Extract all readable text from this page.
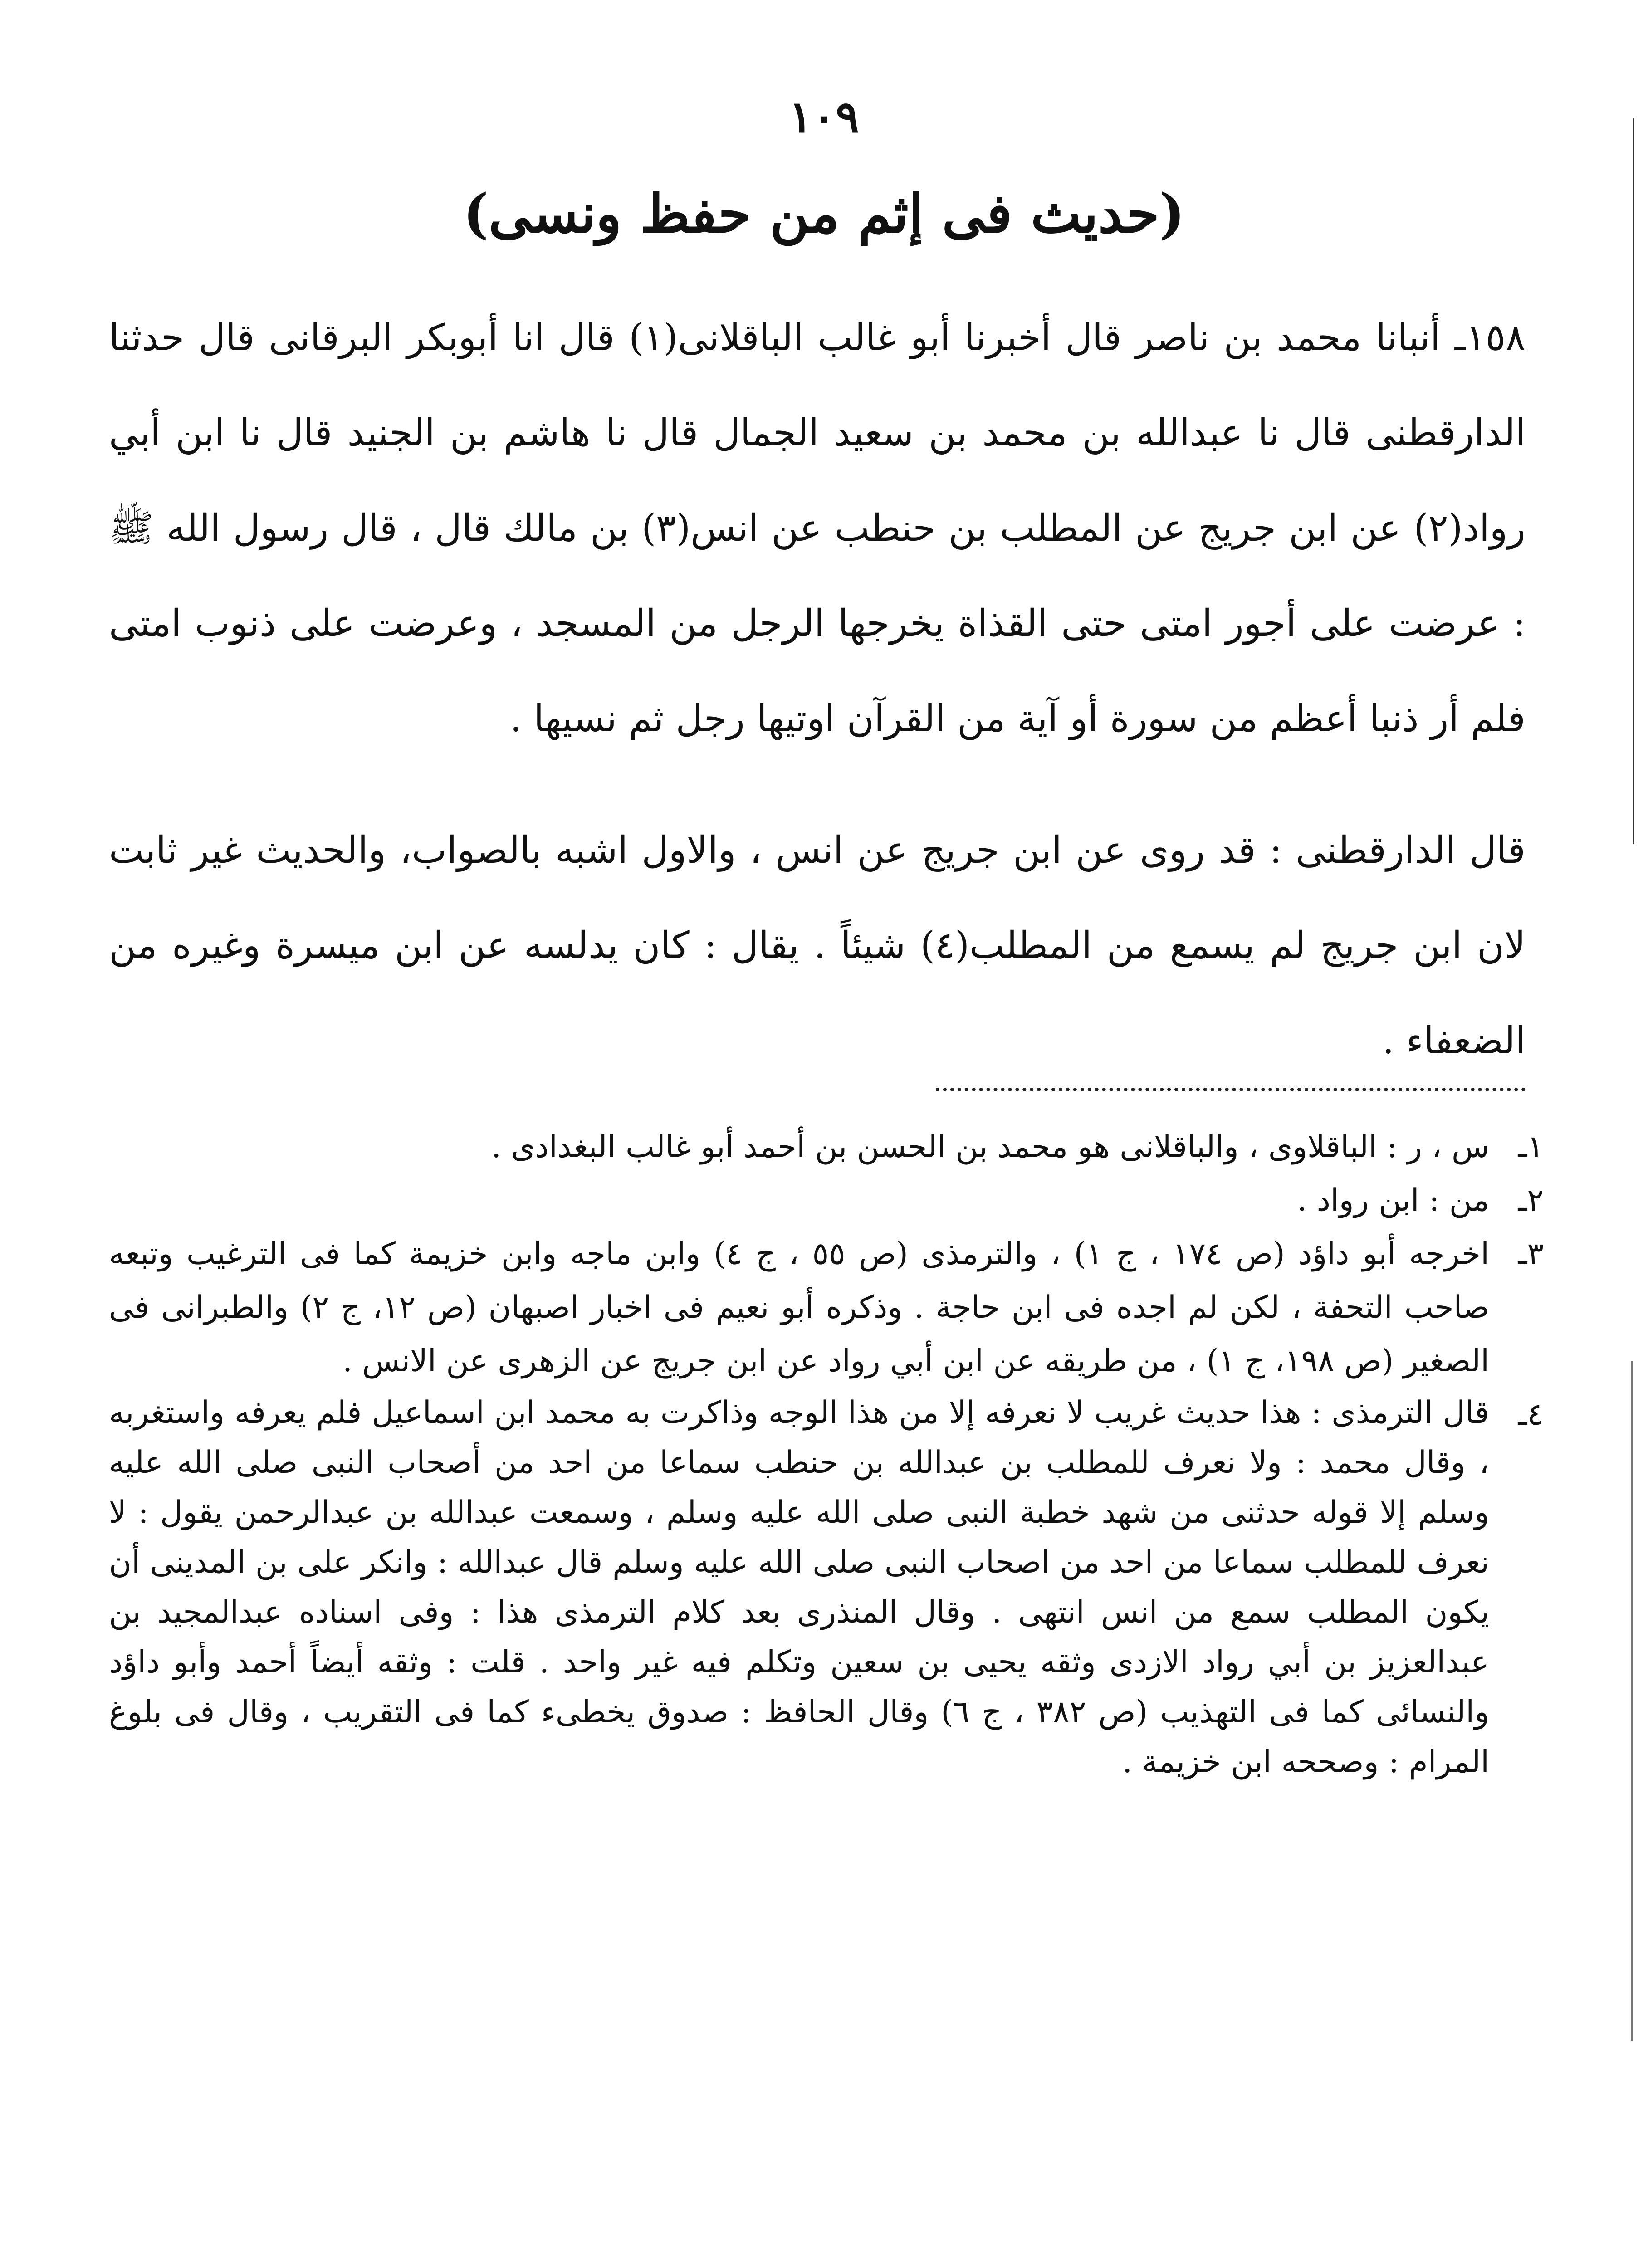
١٠٩
(حديث فى إثم من حفظ ونسى)

١٥٨ـ أنبانا محمد بن ناصر قال أخبرنا أبو غالب الباقلانى(١) قال انا أبوبكر البرقانى قال حدثنا الدارقطنى قال نا عبدالله بن محمد بن سعيد الجمال قال نا هاشم بن الجنيد قال نا ابن أبي رواد(٢) عن ابن جريج عن المطلب بن حنطب عن انس(٣) بن مالك قال ، قال رسول الله ﷺ : عرضت على أجور امتى حتى القذاة يخرجها الرجل من المسجد ، وعرضت على ذنوب امتى فلم أر ذنبا أعظم من سورة أو آية من القرآن اوتيها رجل ثم نسيها .

قال الدارقطنى : قد روى عن ابن جريج عن انس ، والاول اشبه بالصواب، والحديث غير ثابت لان ابن جريج لم يسمع من المطلب(٤) شيئاً . يقال : كان يدلسه عن ابن ميسرة وغيره من الضعفاء .

١ـ
س ، ر : الباقلاوى ، والباقلانى هو محمد بن الحسن بن أحمد أبو غالب البغدادى .
٢ـ
من : ابن رواد .
٣ـ
اخرجه أبو داؤد (ص ١٧٤ ، ج ١) ، والترمذى (ص ٥٥ ، ج ٤) وابن ماجه وابن خزيمة كما فى الترغيب وتبعه صاحب التحفة ، لكن لم اجده فى ابن حاجة . وذكره أبو نعيم فى اخبار اصبهان (ص ١٢، ج ٢) والطبرانى فى الصغير (ص ١٩٨، ج ١) ، من طريقه عن ابن أبي رواد عن ابن جريج عن الزهرى عن الانس .
٤ـ
قال الترمذى : هذا حديث غريب لا نعرفه إلا من هذا الوجه وذاكرت به محمد ابن اسماعيل فلم يعرفه واستغربه ، وقال محمد : ولا نعرف للمطلب بن عبدالله بن حنطب سماعا من احد من أصحاب النبى صلى الله عليه وسلم إلا قوله حدثنى من شهد خطبة النبى صلى الله عليه وسلم ، وسمعت عبدالله بن عبدالرحمن يقول : لا نعرف للمطلب سماعا من احد من اصحاب النبى صلى الله عليه وسلم قال عبدالله : وانكر على بن المدينى أن يكون المطلب سمع من انس انتهى . وقال المنذرى بعد كلام الترمذى هذا : وفى اسناده عبدالمجيد بن عبدالعزيز بن أبي رواد الازدى وثقه يحيى بن سعين وتكلم فيه غير واحد . قلت : وثقه أيضاً أحمد وأبو داؤد والنسائى كما فى التهذيب (ص ٣٨٢ ، ج ٦) وقال الحافظ : صدوق يخطىء كما فى التقريب ، وقال فى بلوغ المرام : وصححه ابن خزيمة .
